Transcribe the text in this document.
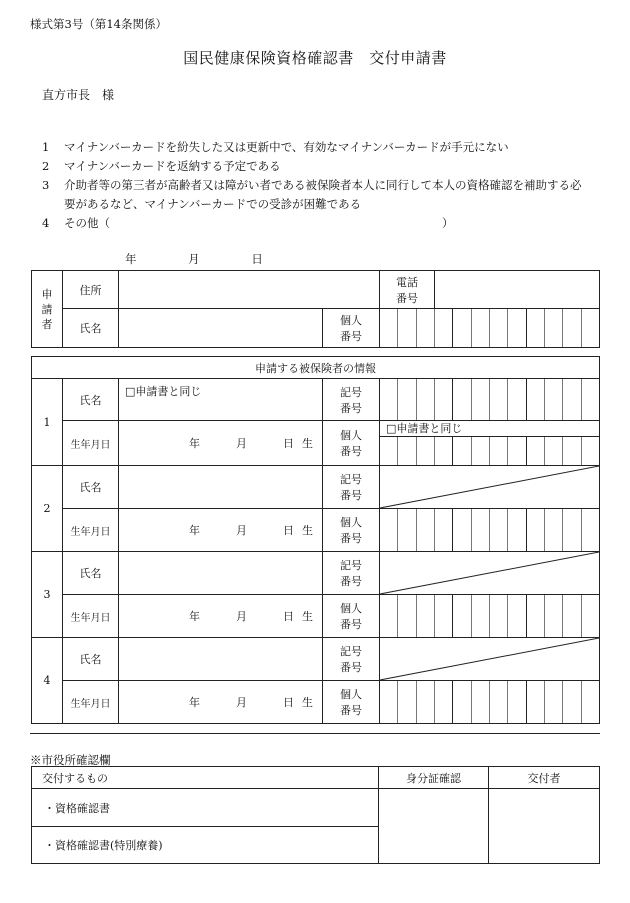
様式第3号（第14条関係）
国民健康保険資格確認書　交付申請書
直方市長　様
1	マイナンバーカードを紛失した又は更新中で、有効なマイナンバーカードが手元にない
2	マイナンバーカードを返納する予定である
3	介助者等の第三者が高齢者又は障がい者である被保険者本人に同行して本人の資格確認を補助する必
要があるなど、マイナンバーカードでの受診が困難である
4	その他（	）
年	月	日
申
請
者	住所			電話
番号	
	氏名		個人
番号		
申請する被保険者の情報				
1	氏名	□申請書と同じ	記号
番号	

	生年月日	年 月 日 生	個人
番号	□申請書と同じ

2	氏名		記号
番号	

	生年月日	年 月 日 生	個人
番号	

3	氏名		記号
番号	

	生年月日	年 月 日 生	個人
番号	

4	氏名		記号
番号	

	生年月日	年 月 日 生	個人
番号	
※市役所確認欄
交付するもの	身分証確認	交付者
・資格確認書		
・資格確認書(特別療養)		
